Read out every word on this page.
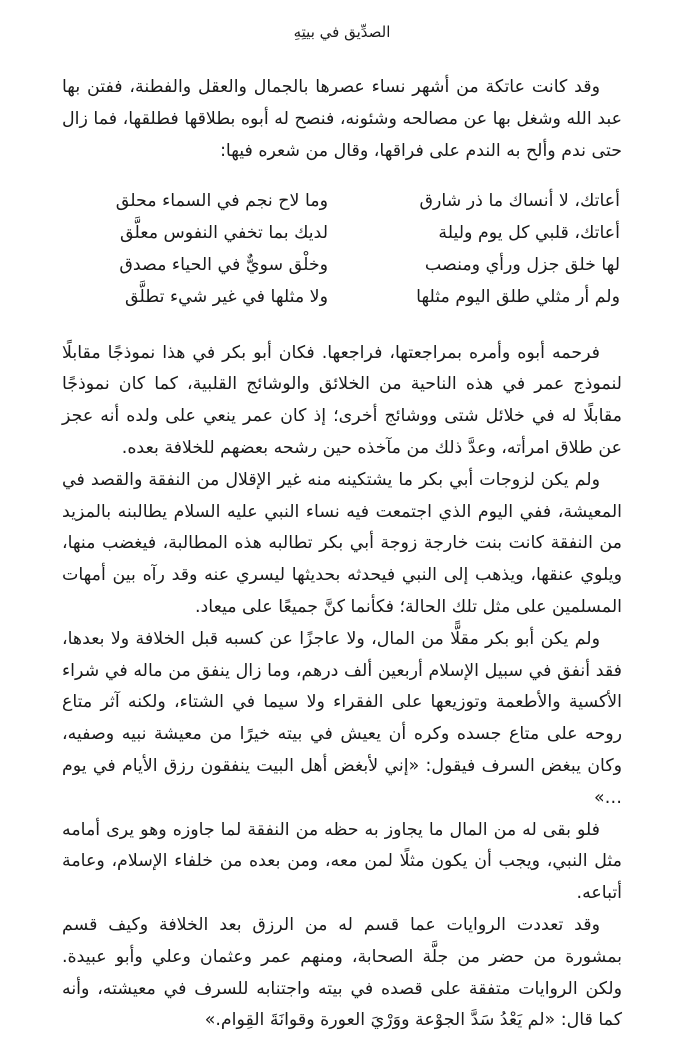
الصدِّيق في بيتِهِ

وقد كانت عاتكة من أشهر نساء عصرها بالجمال والعقل والفطنة، ففتن بها عبد الله وشغل بها عن مصالحه وشئونه، فنصح له أبوه بطلاقها فطلقها، فما زال حتى ندم وألح به الندم على فراقها، وقال من شعره فيها:

أعاتك، لا أنساك ما ذر شارق
وما لاح نجم في السماء محلق
أعاتك، قلبي كل يوم وليلة
لديك بما تخفي النفوس معلَّق
لها خلق جزل ورأي ومنصب
وخلْق سويٌّ في الحياء مصدق
ولم أر مثلي طلق اليوم مثلها
ولا مثلها في غير شيء تطلَّق

فرحمه أبوه وأمره بمراجعتها، فراجعها. فكان أبو بكر في هذا نموذجًا مقابلًا لنموذج عمر في هذه الناحية من الخلائق والوشائج القلبية، كما كان نموذجًا مقابلًا له في خلائل شتى ووشائج أخرى؛ إذ كان عمر ينعي على ولده أنه عجز عن طلاق امرأته، وعدَّ ذلك من مآخذه حين رشحه بعضهم للخلافة بعده.

ولم يكن لزوجات أبي بكر ما يشتكينه منه غير الإقلال من النفقة والقصد في المعيشة، ففي اليوم الذي اجتمعت فيه نساء النبي عليه السلام يطالبنه بالمزيد من النفقة كانت بنت خارجة زوجة أبي بكر تطالبه هذه المطالبة، فيغضب منها، ويلوي عنقها، ويذهب إلى النبي فيحدثه بحديثها ليسري عنه وقد رآه بين أمهات المسلمين على مثل تلك الحالة؛ فكأنما كنَّ جميعًا على ميعاد.

ولم يكن أبو بكر مقلًّا من المال، ولا عاجزًا عن كسبه قبل الخلافة ولا بعدها، فقد أنفق في سبيل الإسلام أربعين ألف درهم، وما زال ينفق من ماله في شراء الأكسية والأطعمة وتوزيعها على الفقراء ولا سيما في الشتاء، ولكنه آثر متاع روحه على متاع جسده وكره أن يعيش في بيته خيرًا من معيشة نبيه وصفيه، وكان يبغض السرف فيقول: «إني لأبغض أهل البيت ينفقون رزق الأيام في يوم …»

فلو بقى له من المال ما يجاوز به حظه من النفقة لما جاوزه وهو يرى أمامه مثل النبي، ويجب أن يكون مثلًا لمن معه، ومن بعده من خلفاء الإسلام، وعامة أتباعه.

وقد تعددت الروايات عما قسم له من الرزق بعد الخلافة وكيف قسم بمشورة من حضر من جلَّة الصحابة، ومنهم عمر وعثمان وعلي وأبو عبيدة. ولكن الروايات متفقة على قصده في بيته واجتنابه للسرف في معيشته، وأنه كما قال: «لم يَعْدُ سَدَّ الجوْعة ووَرْيَ العورة وقوانَةَ القِوام.»
